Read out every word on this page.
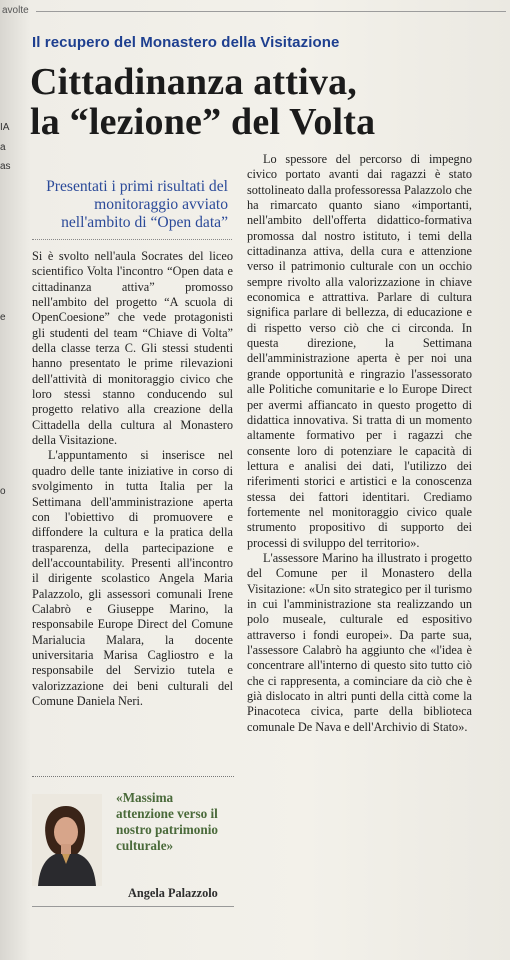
avolte
IA
a
as
e
o
Il recupero del Monastero della Visitazione
Cittadinanza attiva,
la “lezione” del Volta
Presentati i primi risultati del monitoraggio avviato nell'ambito di “Open data”

Si è svolto nell'aula Socrates del liceo scientifico Volta l'incontro “Open data e cittadinanza attiva” promosso nell'ambito del progetto “A scuola di OpenCoesione” che vede protagonisti gli studenti del team “Chiave di Volta” della classe terza C. Gli stessi studenti hanno presentato le prime rilevazioni dell'attività di monitoraggio civico che loro stessi stanno conducendo sul progetto relativo alla creazione della Cittadella della cultura al Monastero della Visitazione.

L'appuntamento si inserisce nel quadro delle tante iniziative in corso di svolgimento in tutta Italia per la Settimana dell'amministrazione aperta con l'obiettivo di promuovere e diffondere la cultura e la pratica della trasparenza, della partecipazione e dell'accountability. Presenti all'incontro il dirigente scolastico Angela Maria Palazzolo, gli assessori comunali Irene Calabrò e Giuseppe Marino, la responsabile Europe Direct del Comune Marialucia Malara, la docente universitaria Marisa Cagliostro e la responsabile del Servizio tutela e valorizzazione dei beni culturali del Comune Daniela Neri.

Lo spessore del percorso di impegno civico portato avanti dai ragazzi è stato sottolineato dalla professoressa Palazzolo che ha rimarcato quanto siano «importanti, nell'ambito dell'offerta didattico-formativa promossa dal nostro istituto, i temi della cittadinanza attiva, della cura e attenzione verso il patrimonio culturale con un occhio sempre rivolto alla valorizzazione in chiave economica e attrattiva. Parlare di cultura significa parlare di bellezza, di educazione e di rispetto verso ciò che ci circonda. In questa direzione, la Settimana dell'amministrazione aperta è per noi una grande opportunità e ringrazio l'assessorato alle Politiche comunitarie e lo Europe Direct per avermi affiancato in questo progetto di didattica innovativa. Si tratta di un momento altamente formativo per i ragazzi che consente loro di potenziare le capacità di lettura e analisi dei dati, l'utilizzo dei riferimenti storici e artistici e la conoscenza stessa dei fattori identitari. Crediamo fortemente nel monitoraggio civico quale strumento propositivo di supporto dei processi di sviluppo del territorio».

L'assessore Marino ha illustrato i progetto del Comune per il Monastero della Visitazione: «Un sito strategico per il turismo in cui l'amministrazione sta realizzando un polo museale, culturale ed espositivo attraverso i fondi europei». Da parte sua, l'assessore Calabrò ha aggiunto che «l'idea è concentrare all'interno di questo sito tutto ciò che ci rappresenta, a cominciare da ciò che è già dislocato in altri punti della città come la Pinacoteca civica, parte della biblioteca comunale De Nava e dell'Archivio di Stato».

«Massima attenzione verso il nostro patrimonio culturale»
Angela Palazzolo
